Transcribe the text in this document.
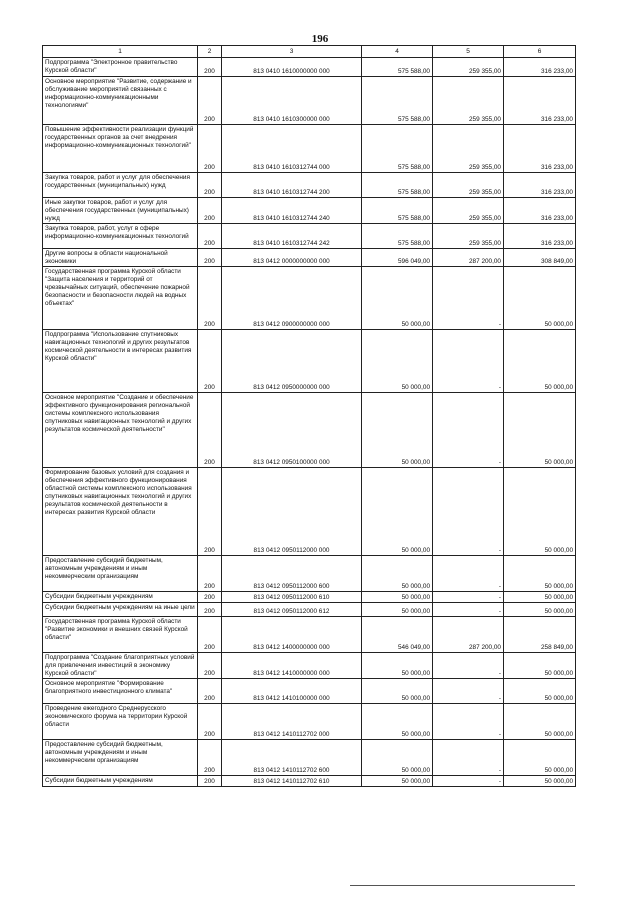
196
1	2	3	4	5	6
Подпрограмма "Электронное правительство Курской области"	200	813 0410 1610000000 000	575 588,00	259 355,00	316 233,00
Основное мероприятие "Развитие, содержание и обслуживание мероприятий связанных с информационно-коммуникационными технологиями"	200	813 0410 1610300000 000	575 588,00	259 355,00	316 233,00
Повышение эффективности реализации функций государственных органов за счет внедрения информационно-коммуникационных технологий"	200	813 0410 1610312744 000	575 588,00	259 355,00	316 233,00
Закупка товаров, работ и услуг для обеспечения государственных (муниципальных) нужд	200	813 0410 1610312744 200	575 588,00	259 355,00	316 233,00
Иные закупки товаров, работ и услуг для обеспечения государственных (муниципальных) нужд	200	813 0410 1610312744 240	575 588,00	259 355,00	316 233,00
Закупка товаров, работ, услуг в сфере информационно-коммуникационных технологий	200	813 0410 1610312744 242	575 588,00	259 355,00	316 233,00
Другие вопросы в области национальной экономики	200	813 0412 0000000000 000	596 049,00	287 200,00	308 849,00
Государственная программа Курской области "Защита населения и территорий от чрезвычайных ситуаций, обеспечение пожарной безопасности и безопасности людей на водных объектах"	200	813 0412 0900000000 000	50 000,00	-	50 000,00
Подпрограмма "Использование спутниковых навигационных технологий и других результатов космической деятельности в интересах развития Курской области"	200	813 0412 0950000000 000	50 000,00	-	50 000,00
Основное мероприятие "Создание и обеспечение эффективного функционирования региональной системы комплексного использования спутниковых навигационных технологий и других результатов космической деятельности"	200	813 0412 0950100000 000	50 000,00	-	50 000,00
Формирование базовых условий для создания и обеспечения эффективного функционирования областной системы комплексного использования спутниковых навигационных технологий и других результатов космической деятельности в интересах развития Курской области	200	813 0412 0950112000 000	50 000,00	-	50 000,00
Предоставление субсидий бюджетным, автономным учреждениям и иным некоммерческим организациям	200	813 0412 0950112000 600	50 000,00	-	50 000,00
Субсидии бюджетным учреждениям	200	813 0412 0950112000 610	50 000,00	-	50 000,00
Субсидии бюджетным учреждениям на иные цели	200	813 0412 0950112000 612	50 000,00	-	50 000,00
Государственная программа Курской области "Развитие экономики и внешних связей Курской области"	200	813 0412 1400000000 000	546 049,00	287 200,00	258 849,00
Подпрограмма "Создание благоприятных условий для привлечения инвестиций в экономику Курской области"	200	813 0412 1410000000 000	50 000,00	-	50 000,00
Основное мероприятие "Формирование благоприятного инвестиционного климата"	200	813 0412 1410100000 000	50 000,00	-	50 000,00
Проведение ежегодного Среднерусского экономического форума на территории Курской области	200	813 0412 1410112702 000	50 000,00	-	50 000,00
Предоставление субсидий бюджетным, автономным учреждениям и иным некоммерческим организациям	200	813 0412 1410112702 600	50 000,00	-	50 000,00
Субсидии бюджетным учреждениям	200	813 0412 1410112702 610	50 000,00	-	50 000,00
